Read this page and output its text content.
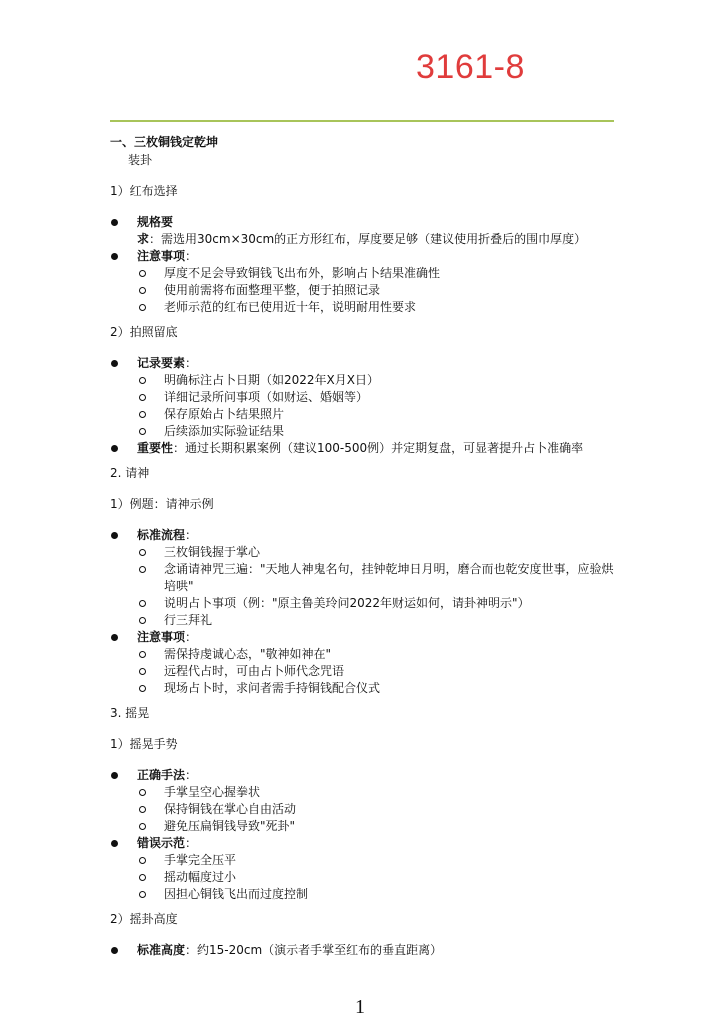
3161-8
一、三枚铜钱定乾坤
装卦
1）红布选择
规格要求：需选用30cm×30cm的正方形红布，厚度要足够（建议使用折叠后的围巾厚度）
注意事项：
厚度不足会导致铜钱飞出布外，影响占卜结果准确性
使用前需将布面整理平整，便于拍照记录
老师示范的红布已使用近十年，说明耐用性要求
2）拍照留底
记录要素：
明确标注占卜日期（如2022年X月X日）
详细记录所问事项（如财运、婚姻等）
保存原始占卜结果照片
后续添加实际验证结果
重要性：通过长期积累案例（建议100-500例）并定期复盘，可显著提升占卜准确率
2. 请神
1）例题：请神示例
标准流程：
三枚铜钱握于掌心
念诵请神咒三遍："天地人神鬼名句，挂钟乾坤日月明，磨合而也乾安度世事，应验烘培哄"
说明占卜事项（例："原主鲁美玲问2022年财运如何，请卦神明示"）
行三拜礼
注意事项：
需保持虔诚心态，"敬神如神在"
远程代占时，可由占卜师代念咒语
现场占卜时，求问者需手持铜钱配合仪式
3. 摇晃
1）摇晃手势
正确手法：
手掌呈空心握拳状
保持铜钱在掌心自由活动
避免压扁铜钱导致"死卦"
错误示范：
手掌完全压平
摇动幅度过小
因担心铜钱飞出而过度控制
2）摇卦高度
标准高度：约15-20cm（演示者手掌至红布的垂直距离）
1
